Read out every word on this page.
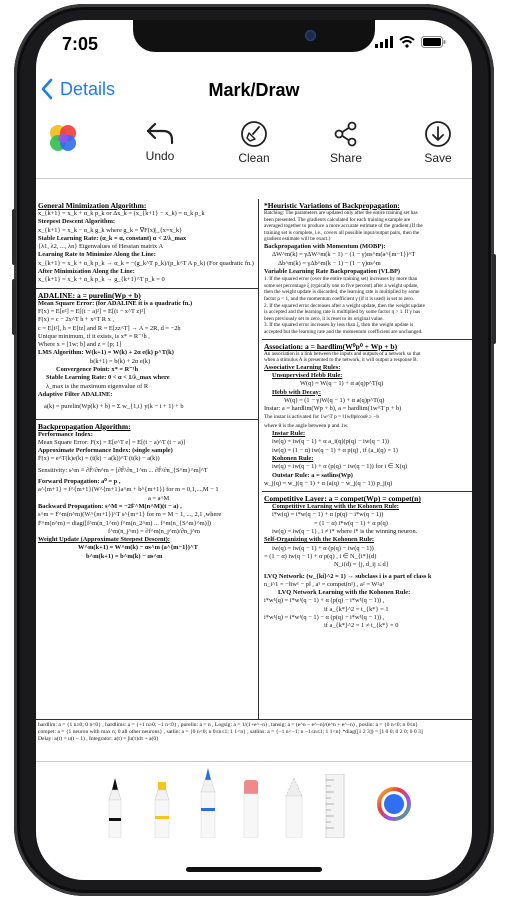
7:05
Details	Mark/Draw
Undo	Clean	Share	Save
General Minimization Algorithm:
x_{k+1} = x_k + α_k p_k or Δx_k = (x_{k+1} − x_k) = α_k p_k
Steepest Descent Algorithm:
x_{k+1} = x_k − α_k g_k where g_k = ∇F(x)|_{x=x_k}
Stable Learning Rate: (α_k = α, constant) α < 2/λ_max
{λ1, λ2, ..., λn} Eigenvalues of Hessian matrix A
Learning Rate to Minimize Along the Line:
x_{k+1} = x_k + α_k p_k → α_k = −(g_k^T p_k)/(p_k^T A p_k) (For quadratic fn.)
After Minimization Along the Line:
x_{k+1} = x_k + α_k p_k → g_{k+1}^T p_k = 0
ADALINE: a = purelin(Wp + b)
Mean Square Error: (for ADALINE it is a quadratic fn.)
F(x) = E[e²] = E[(t − a)²] = E[(t − x^T z)²]
F(x) = c − 2x^T h + x^T R x ,
c = E[t²], h = E[tz] and R = E[zz^T] → A = 2R, d = −2h
Unique minimum, if it exists, is x* = R⁻¹h ,
Where x = [1w; b] and z = [p; 1]
LMS Algorithm: W(k+1) = W(k) + 2α e(k) p^T(k)
b(k+1) = b(k) + 2α e(k)
Convergence Point: x* = R⁻¹h
Stable Learning Rate: 0 < α < 1/λ_max where
λ_max is the maximum eigenvalue of R
Adaptive Filter ADALINE:
a(k) = purelin(Wp(k) + b) = Σ w_{1,i} y(k − i + 1) + b
Backpropagation Algorithm:
Performance Index:
Mean Square Error: F(x) = E[e^T e] = E[(t − a)^T (t − a)]
Approximate Performance Index: (single sample)
F̂(x) = e^T(k)e(k) = (t(k) − a(k))^T (t(k) − a(k))
Sensitivity: s^m ≡ ∂F̂/∂n^m = [∂F̂/∂n_1^m ... ∂F̂/∂n_{S^m}^m]^T
Forward Propagation: a⁰ = p ,
a^{m+1} = f^{m+1}(W^{m+1}a^m + b^{m+1}) for m = 0,1,...,M − 1
a = a^M
Backward Propagation: s^M = −2Ḟ^M(n^M)(t − a) ,
s^m = Ḟ^m(n^m)(W^{m+1})^T s^{m+1} for m = M − 1, ..., 2,1 ,where
Ḟ^m(n^m) = diag([ḟ^m(n_1^m) ḟ^m(n_2^m) ... ḟ^m(n_{S^m}^m)])
ḟ^m(n_j^m) = ∂f^m(n_j^m)/∂n_j^m
Weight Update (Approximate Steepest Descent):
W^m(k+1) = W^m(k) − αs^m (a^{m−1})^T
b^m(k+1) = b^m(k) − αs^m
*Heuristic Variations of Backpropagation:
Batching: The parameters are updated only after the entire training set has
been presented. The gradients calculated for each training example are
averaged together to produce a more accurate estimate of the gradient.(If the
training set is complete, i.e., covers all possible input/output pairs, then the
gradient estimate will be exact.)
Backpropagation with Momentum (MOBP):
ΔW^m(k) = γΔW^m(k − 1) − (1 − γ)αs^m(a^{m−1})^T
Δb^m(k) = γΔb^m(k − 1) − (1 − γ)αs^m
Variable Learning Rate Backpropagation (VLBP)
1. If the squared error (over the entire training set) increases by more than
some set percentage ξ (typically one to five percent) after a weight update,
then the weight update is discarded, the learning rate is multiplied by some
factor ρ < 1, and the momentum coefficient γ (if it is used) is set to zero.
2. If the squared error decreases after a weight update, then the weight update
is accepted and the learning rate is multiplied by some factor η > 1. If γ has
been previously set to zero, it is reset to its original value.
3. If the squared error increases by less than ξ, then the weight update is
accepted but the learning rate and the momentum coefficient are unchanged.
Association: a = hardlim(W⁰p⁰ + Wp + b)
An association is a link between the inputs and outputs of a network so that
when a stimulus A is presented to the network, it will output a response B.
Associative Learning Rules:
Unsupervised Hebb Rule:
W(q) = W(q − 1) + α a(q)p^T(q)
Hebb with Decay:
W(q) = (1 − γ)W(q − 1) + α a(q)p^T(q)
Instar: a = hardlim(Wp + b), a = hardlim(1w^T p + b)
The instar is activated for 1w^T p = ‖1w‖‖p‖cosθ ≥ −b
where θ is the angle between p and 1w.
Instar Rule:
iw(q) = iw(q − 1) + α a_i(q)(p(q) − iw(q − 1))
iw(q) = (1 − α) iw(q − 1) + α p(q) , if (a_i(q) = 1)
Kohonen Rule:
iw(q) = iw(q − 1) + α (p(q) − iw(q − 1)) for i ∈ X(q)
Outstar Rule: a = satlins(Wp)
w_j(q) = w_j(q − 1) + α (a(q) − w_j(q − 1)) p_j(q)
Competitive Layer: a = compet(Wp) = compet(n)
Competitive Learning with the Kohonen Rule:
i*w(q) = i*w(q − 1) + α (p(q) − i*w(q − 1))
= (1 − α) i*w(q − 1) + α p(q)
iw(q) = iw(q − 1) , i ≠ i* where i* is the winning neuron.
Self-Organizing with the Kohonen Rule:
iw(q) = iw(q − 1) + α (p(q) − iw(q − 1))
= (1 − α) iw(q − 1) + α p(q) , i ∈ N_{i*}(d)
N_i(d) = {j, d_ij ≤ d}
LVQ Network: (w_{ki}^2 = 1) → subclass i is a part of class k
n_i^1 = −‖iw¹ − p‖ , a¹ = compet(n¹) , a² = W²a¹
LVQ Network Learning with the Kohonen Rule:
i*w¹(q) = i*w¹(q − 1) + α (p(q) − i*w¹(q − 1)) ,
if a_{k*}^2 = t_{k*} = 1
i*w¹(q) = i*w¹(q − 1) − α (p(q) − i*w¹(q − 1)) ,
if a_{k*}^2 = 1 ≠ t_{k*} = 0
hardlim: a = {1 n≥0; 0 n<0} , hardlims: a = {+1 n≥0; −1 n<0} , purelin: a = n , Logsig: a = 1/(1+e^−n) , tansig: a = (e^n − e^−n)/(e^n + e^−n) , poslin: a = {0 n<0; n 0≤n}
compet: a = {1 neuron with max n; 0 all other neurons} , satlin: a = {0 n<0; n 0≤n≤1; 1 1<n} , satlins: a = {−1 n<−1; n −1≤n≤1; 1 1<n} *diag([1 2 3]) = [1 0 0; 0 2 0; 0 0 3]
Delay: a(t) = u(t − 1) , Integrator: a(t) = ∫u(τ)dτ + a(0)
